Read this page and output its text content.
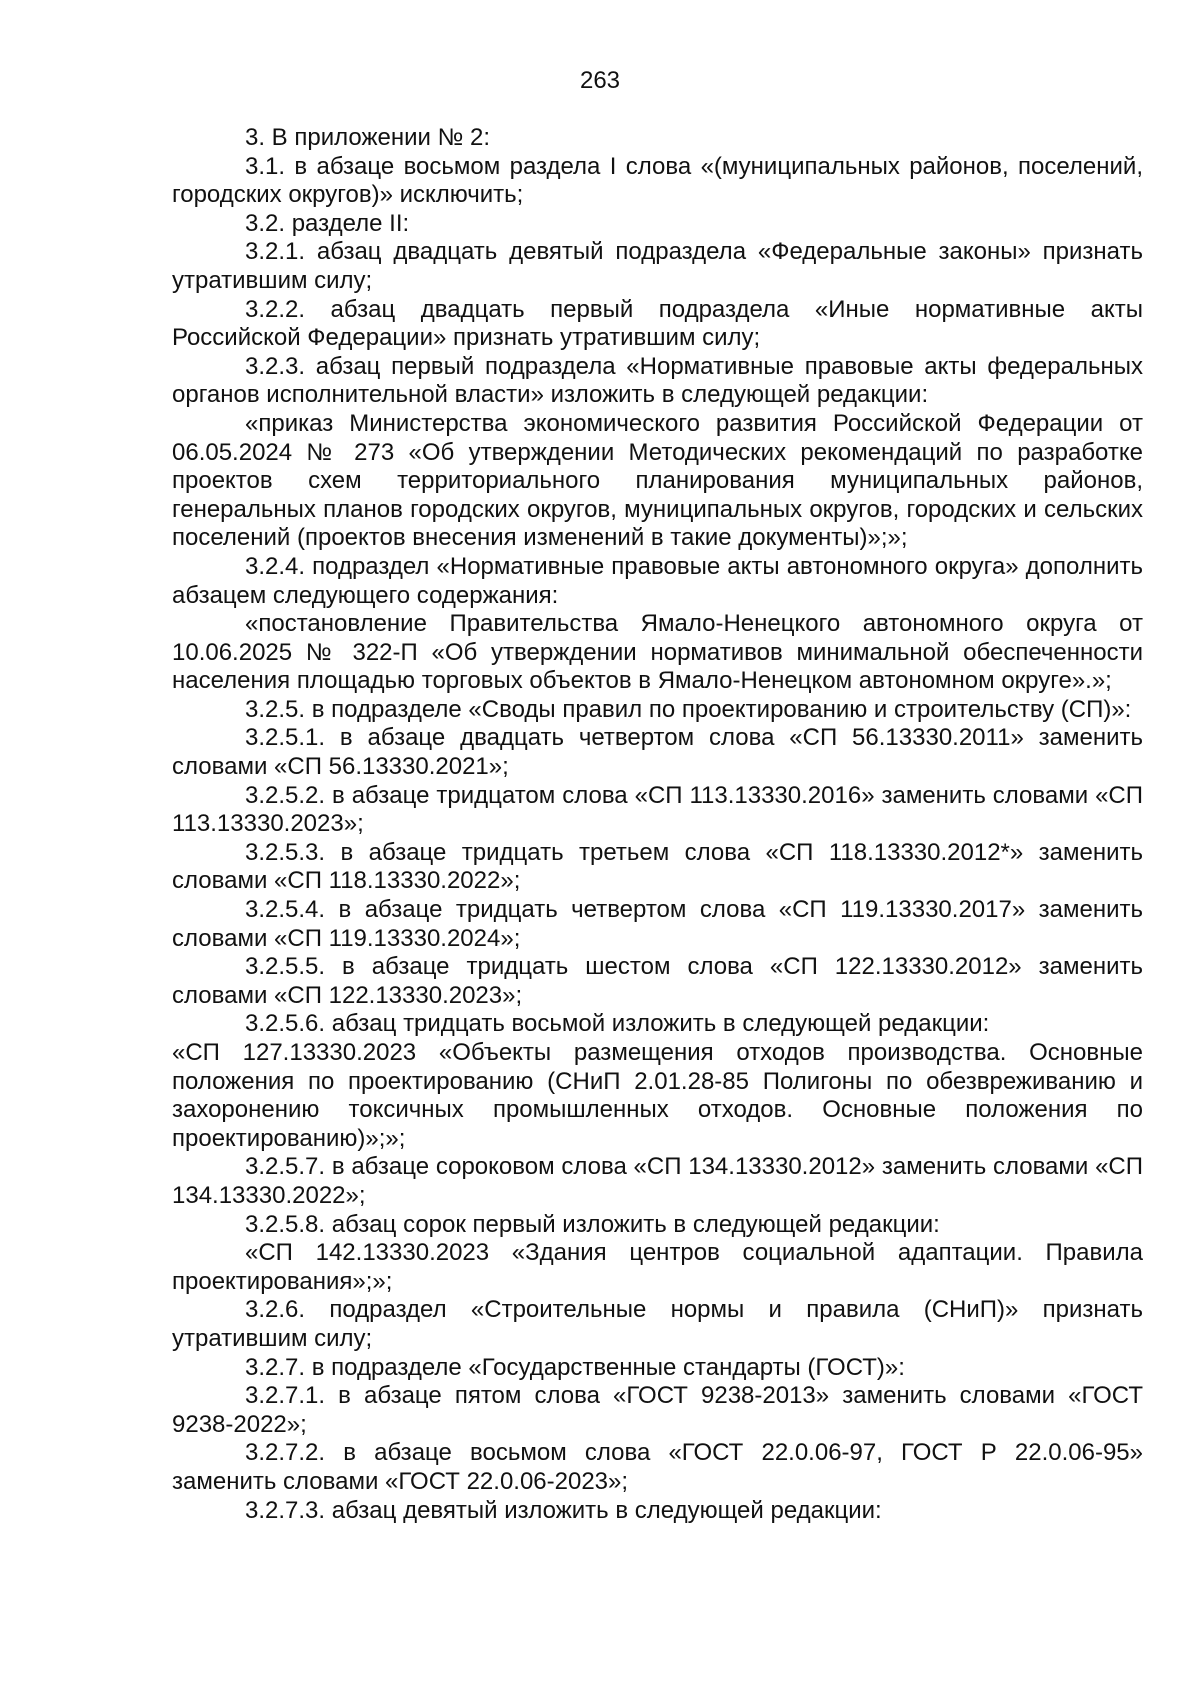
263

3. В приложении № 2:

3.1. в абзаце восьмом раздела I слова «(муниципальных районов, поселений, городских округов)» исключить;

3.2. разделе II:

3.2.1. абзац двадцать девятый подраздела «Федеральные законы» признать утратившим силу;

3.2.2. абзац двадцать первый подраздела «Иные нормативные акты Российской Федерации» признать утратившим силу;

3.2.3. абзац первый подраздела «Нормативные правовые акты федеральных органов исполнительной власти» изложить в следующей редакции:

«приказ Министерства экономического развития Российской Федерации от 06.05.2024 № 273 «Об утверждении Методических рекомендаций по разработке проектов схем территориального планирования муниципальных районов, генеральных планов городских округов, муниципальных округов, городских и сельских поселений (проектов внесения изменений в такие документы)»;»;

3.2.4. подраздел «Нормативные правовые акты автономного округа» дополнить абзацем следующего содержания:

«постановление Правительства Ямало-Ненецкого автономного округа от 10.06.2025 № 322-П «Об утверждении нормативов минимальной обеспеченности населения площадью торговых объектов в Ямало-Ненецком автономном округе».»;

3.2.5. в подразделе «Своды правил по проектированию и строительству (СП)»:

3.2.5.1. в абзаце двадцать четвертом слова «СП 56.13330.2011» заменить словами «СП 56.13330.2021»;

3.2.5.2. в абзаце тридцатом слова «СП 113.13330.2016» заменить словами «СП 113.13330.2023»;

3.2.5.3. в абзаце тридцать третьем слова «СП 118.13330.2012*» заменить словами «СП 118.13330.2022»;

3.2.5.4. в абзаце тридцать четвертом слова «СП 119.13330.2017» заменить словами «СП 119.13330.2024»;

3.2.5.5. в абзаце тридцать шестом слова «СП 122.13330.2012» заменить словами «СП 122.13330.2023»;

3.2.5.6. абзац тридцать восьмой изложить в следующей редакции:

«СП 127.13330.2023 «Объекты размещения отходов производства. Основные положения по проектированию (СНиП 2.01.28-85 Полигоны по обезвреживанию и захоронению токсичных промышленных отходов. Основные положения по проектированию)»;»;

3.2.5.7. в абзаце сороковом слова «СП 134.13330.2012» заменить словами «СП 134.13330.2022»;

3.2.5.8. абзац сорок первый изложить в следующей редакции:

«СП 142.13330.2023 «Здания центров социальной адаптации. Правила проектирования»;»;

3.2.6. подраздел «Строительные нормы и правила (СНиП)» признать утратившим силу;

3.2.7. в подразделе «Государственные стандарты (ГОСТ)»:

3.2.7.1. в абзаце пятом слова «ГОСТ 9238-2013» заменить словами «ГОСТ 9238-2022»;

3.2.7.2. в абзаце восьмом слова «ГОСТ 22.0.06-97, ГОСТ Р 22.0.06-95» заменить словами «ГОСТ 22.0.06-2023»;

3.2.7.3. абзац девятый изложить в следующей редакции:
